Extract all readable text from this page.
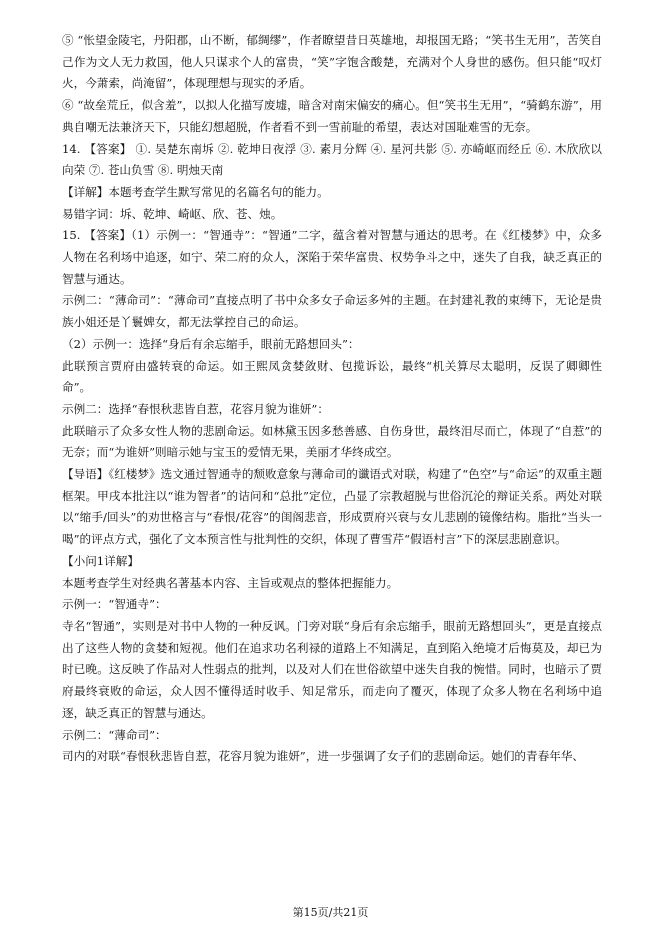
⑤ “怅望金陵宅，丹阳郡，山不断，郁绸缪”，作者瞭望昔日英雄地，却报国无路；“笑书生无用”，苦笑自己作为文人无力救国，他人只谋求个人的富贵，“笑”字饱含酸楚，充满对个人身世的感伤。但只能“叹灯火，今萧索，尚淹留”，体现理想与现实的矛盾。

⑥ “故垒荒丘，似含羞”，以拟人化描写废墟，暗含对南宋偏安的痛心。但“笑书生无用”，“骑鹤东游”，用典自嘲无法兼济天下，只能幻想超脱，作者看不到一雪前耻的希望，表达对国耻难雪的无奈。

14. 【答案】 ①. 吴楚东南坼 ②. 乾坤日夜浮 ③. 素月分辉 ④. 星河共影 ⑤. 亦崎岖而经丘 ⑥. 木欣欣以向荣 ⑦. 苍山负雪 ⑧. 明烛天南

【详解】本题考查学生默写常见的名篇名句的能力。

易错字词：坼、乾坤、崎岖、欣、苍、烛。

15. 【答案】（1）示例一：“智通寺”：“智通”二字，蕴含着对智慧与通达的思考。在《红楼梦》中，众多人物在名利场中追逐，如宁、荣二府的众人，深陷于荣华富贵、权势争斗之中，迷失了自我，缺乏真正的智慧与通达。

示例二：“薄命司”：“薄命司”直接点明了书中众多女子命运多舛的主题。在封建礼教的束缚下，无论是贵族小姐还是丫鬟婢女，都无法掌控自己的命运。

（2）示例一：选择“身后有余忘缩手，眼前无路想回头”：

此联预言贾府由盛转衰的命运。如王熙凤贪婪敛财、包揽诉讼，最终“机关算尽太聪明，反误了卿卿性命”。

示例二：选择“春恨秋悲皆自惹，花容月貌为谁妍”：

此联暗示了众多女性人物的悲剧命运。如林黛玉因多愁善感、自伤身世，最终泪尽而亡，体现了“自惹”的无奈；而“为谁妍”则暗示她与宝玉的爱情无果，美丽才华终成空。

【导语】《红楼梦》选文通过智通寺的颓败意象与薄命司的谶语式对联，构建了“色空”与“命运”的双重主题框架。甲戌本批注以“谁为智者”的诘问和“总批”定位，凸显了宗教超脱与世俗沉沦的辩证关系。两处对联以“缩手/回头”的劝世格言与“春恨/花容”的闺阁悲音，形成贾府兴衰与女儿悲剧的镜像结构。脂批“当头一喝”的评点方式，强化了文本预言性与批判性的交织，体现了曹雪芹“假语村言”下的深层悲剧意识。

【小问1详解】

本题考查学生对经典名著基本内容、主旨或观点的整体把握能力。

示例一：“智通寺”：

寺名“智通”，实则是对书中人物的一种反讽。门旁对联“身后有余忘缩手，眼前无路想回头”，更是直接点出了这些人物的贪婪和短视。他们在追求功名利禄的道路上不知满足，直到陷入绝境才后悔莫及，却已为时已晚。这反映了作品对人性弱点的批判，以及对人们在世俗欲望中迷失自我的惋惜。同时，也暗示了贾府最终衰败的命运，众人因不懂得适时收手、知足常乐，而走向了覆灭，体现了众多人物在名利场中追逐，缺乏真正的智慧与通达。

示例二：“薄命司”：

司内的对联“春恨秋悲皆自惹，花容月貌为谁妍”，进一步强调了女子们的悲剧命运。她们的青春年华、

第15页/共21页
